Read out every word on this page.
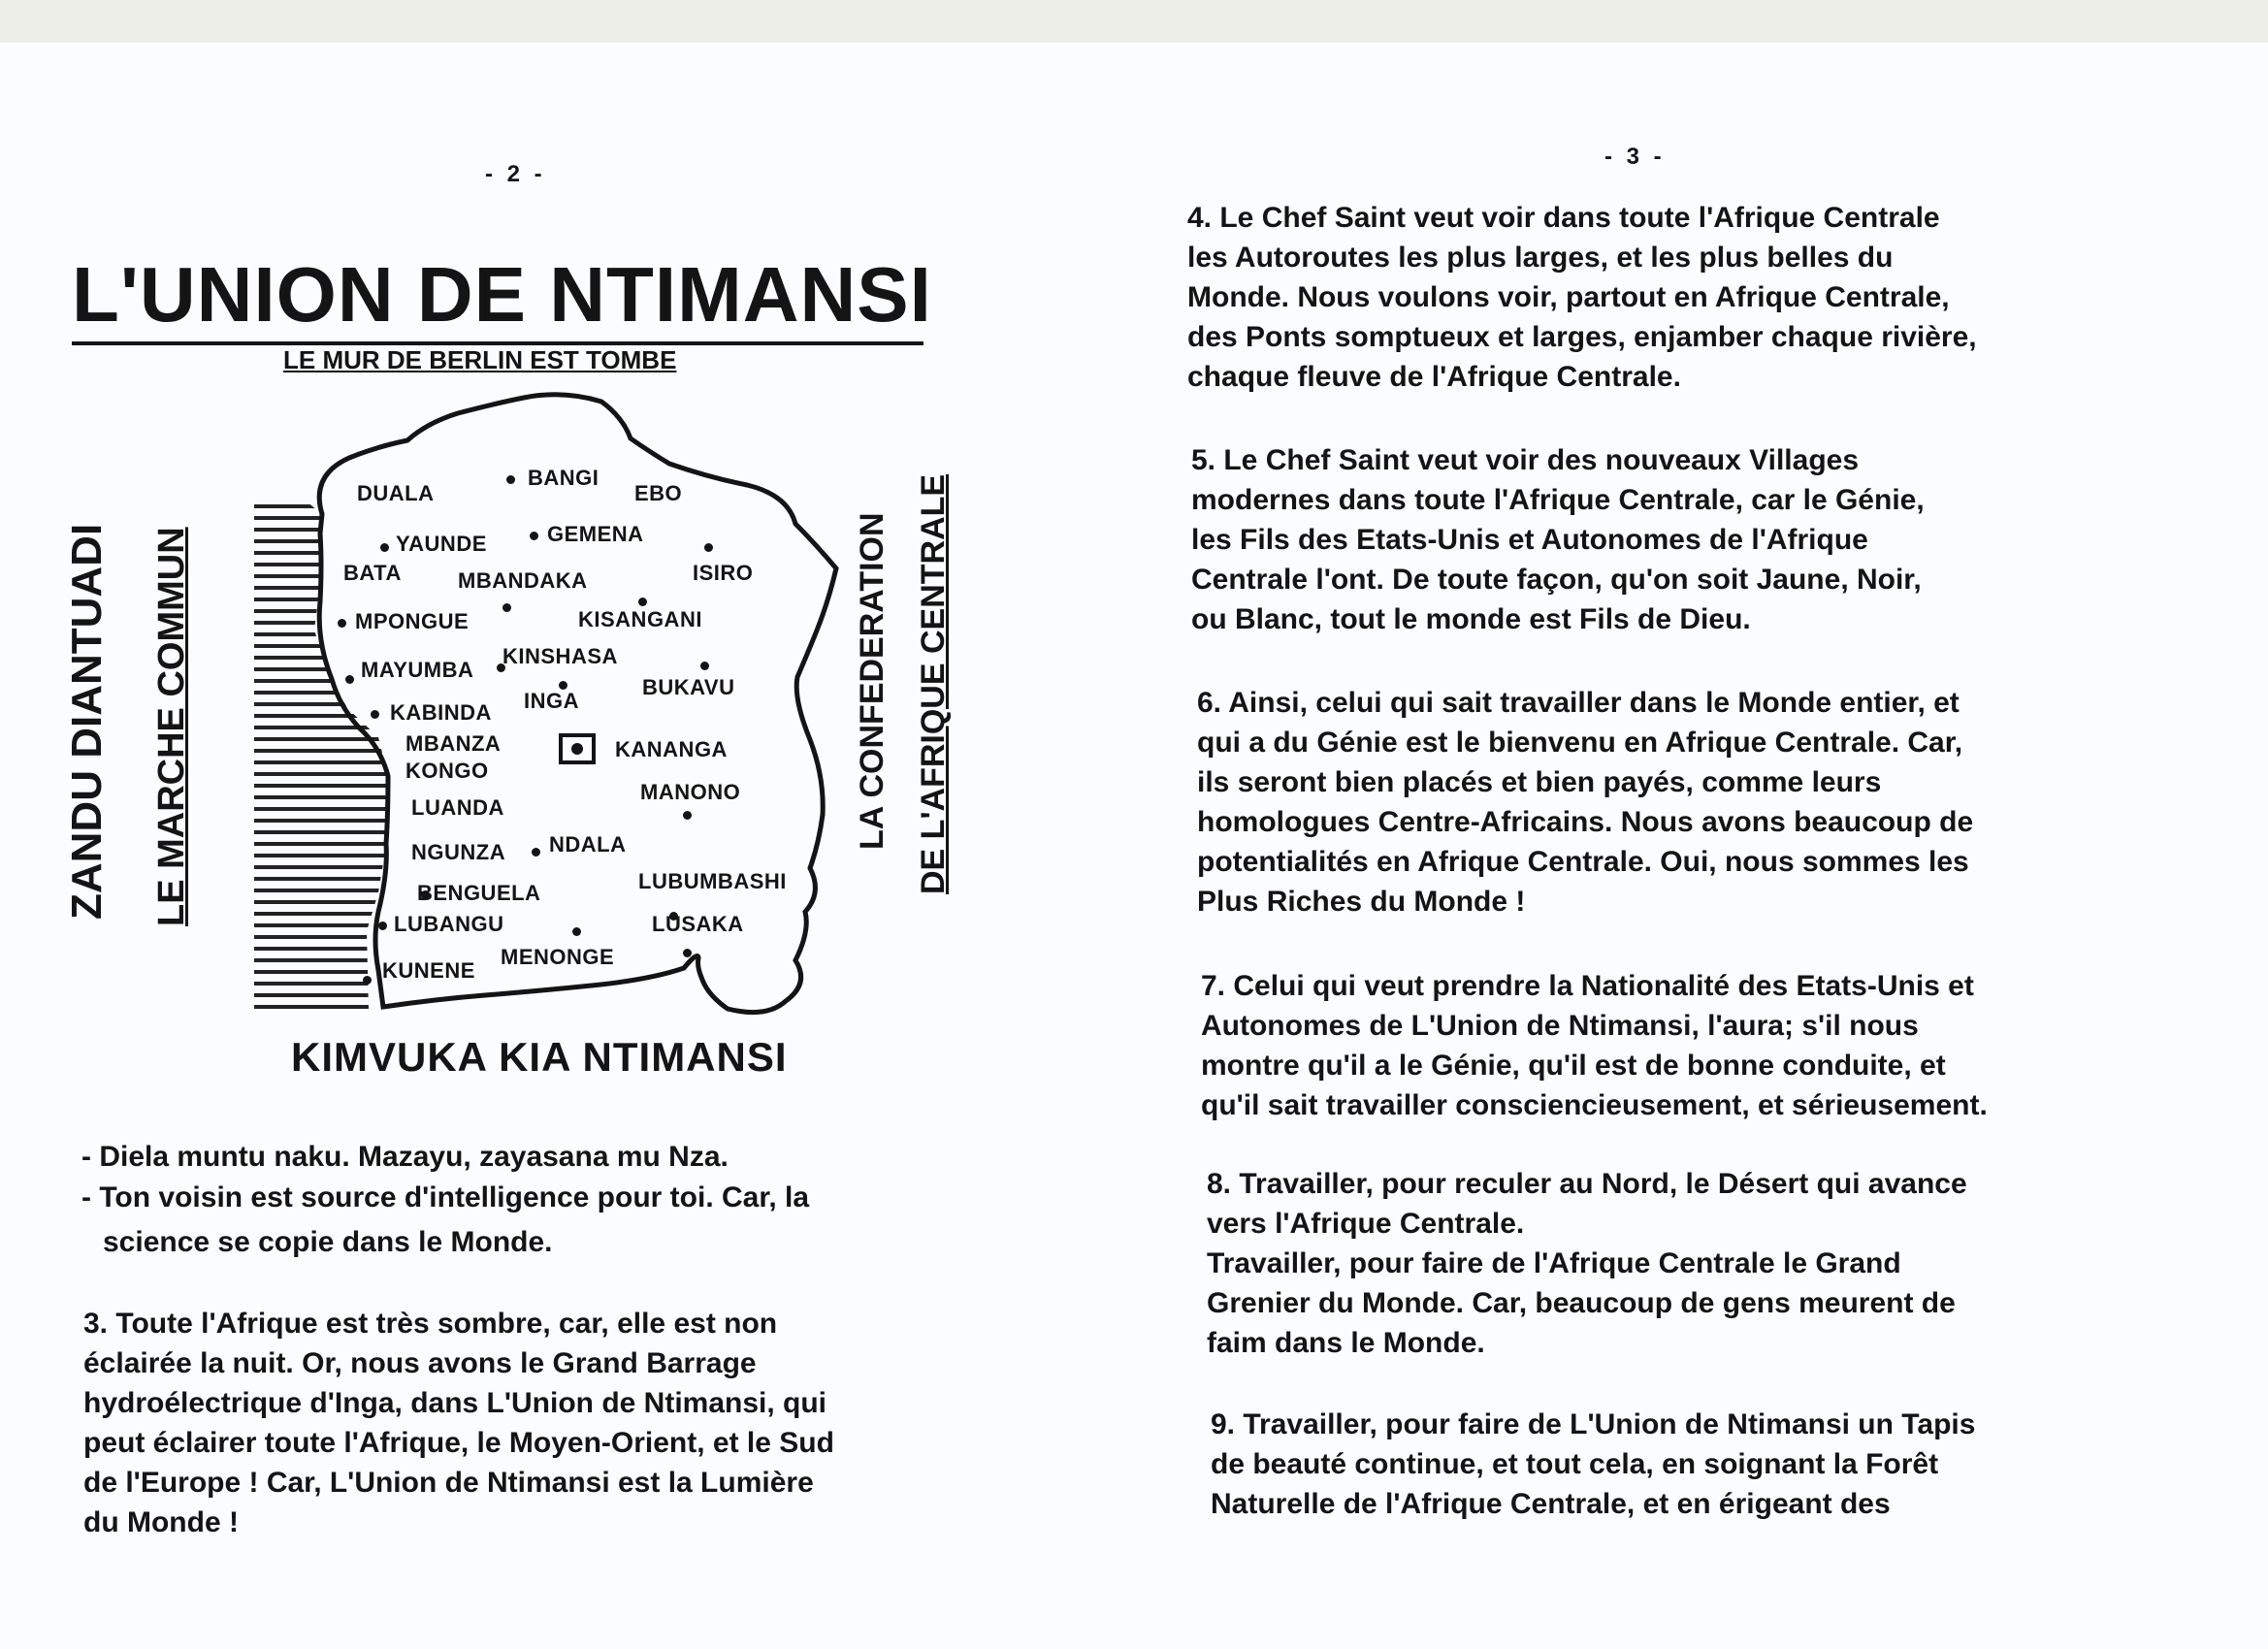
- 2 -
L'UNION DE NTIMANSI
LE MUR DE BERLIN EST TOMBE
ZANDU DIANTUADI LE MARCHE COMMUN	LA CONFEDERATION DE L'AFRIQUE CENTRALE
DUALA
BANGI
EBO
YAUNDE	GEMENA
ISIRO
BATA	MBANDAKA
MPONGUE	KISANGANI
MAYUMBA
KINSHASA
BUKAVU
KABINDA INGA
MBANZA
KONGO
KANANGA
MANONO
LUANDA
NGUNZA NDALA
BENGUELA	LUBUMBASHI
LUBANGU	LUSAKA
MENONGE
KUNENE
KIMVUKA KIA NTIMANSI

- Diela muntu naku. Mazayu, zayasana mu Nza.

- Ton voisin est source d'intelligence pour toi. Car, la

science se copie dans le Monde.

3. Toute l'Afrique est très sombre, car, elle est non
éclairée la nuit. Or, nous avons le Grand Barrage
hydroélectrique d'Inga, dans L'Union de Ntimansi, qui
peut éclairer toute l'Afrique, le Moyen-Orient, et le Sud
de l'Europe ! Car, L'Union de Ntimansi est la Lumière
du Monde !
- 3 -
4. Le Chef Saint veut voir dans toute l'Afrique Centrale
les Autoroutes les plus larges, et les plus belles du
Monde. Nous voulons voir, partout en Afrique Centrale,
des Ponts somptueux et larges, enjamber chaque rivière,
chaque fleuve de l'Afrique Centrale.
5. Le Chef Saint veut voir des nouveaux Villages
modernes dans toute l'Afrique Centrale, car le Génie,
les Fils des Etats-Unis et Autonomes de l'Afrique
Centrale l'ont. De toute façon, qu'on soit Jaune, Noir,
ou Blanc, tout le monde est Fils de Dieu.
6. Ainsi, celui qui sait travailler dans le Monde entier, et
qui a du Génie est le bienvenu en Afrique Centrale. Car,
ils seront bien placés et bien payés, comme leurs
homologues Centre-Africains. Nous avons beaucoup de
potentialités en Afrique Centrale. Oui, nous sommes les
Plus Riches du Monde !
7. Celui qui veut prendre la Nationalité des Etats-Unis et
Autonomes de L'Union de Ntimansi, l'aura; s'il nous
montre qu'il a le Génie, qu'il est de bonne conduite, et
qu'il sait travailler consciencieusement, et sérieusement.
8. Travailler, pour reculer au Nord, le Désert qui avance
vers l'Afrique Centrale.
Travailler, pour faire de l'Afrique Centrale le Grand
Grenier du Monde. Car, beaucoup de gens meurent de
faim dans le Monde.
9. Travailler, pour faire de L'Union de Ntimansi un Tapis
de beauté continue, et tout cela, en soignant la Forêt
Naturelle de l'Afrique Centrale, et en érigeant des
